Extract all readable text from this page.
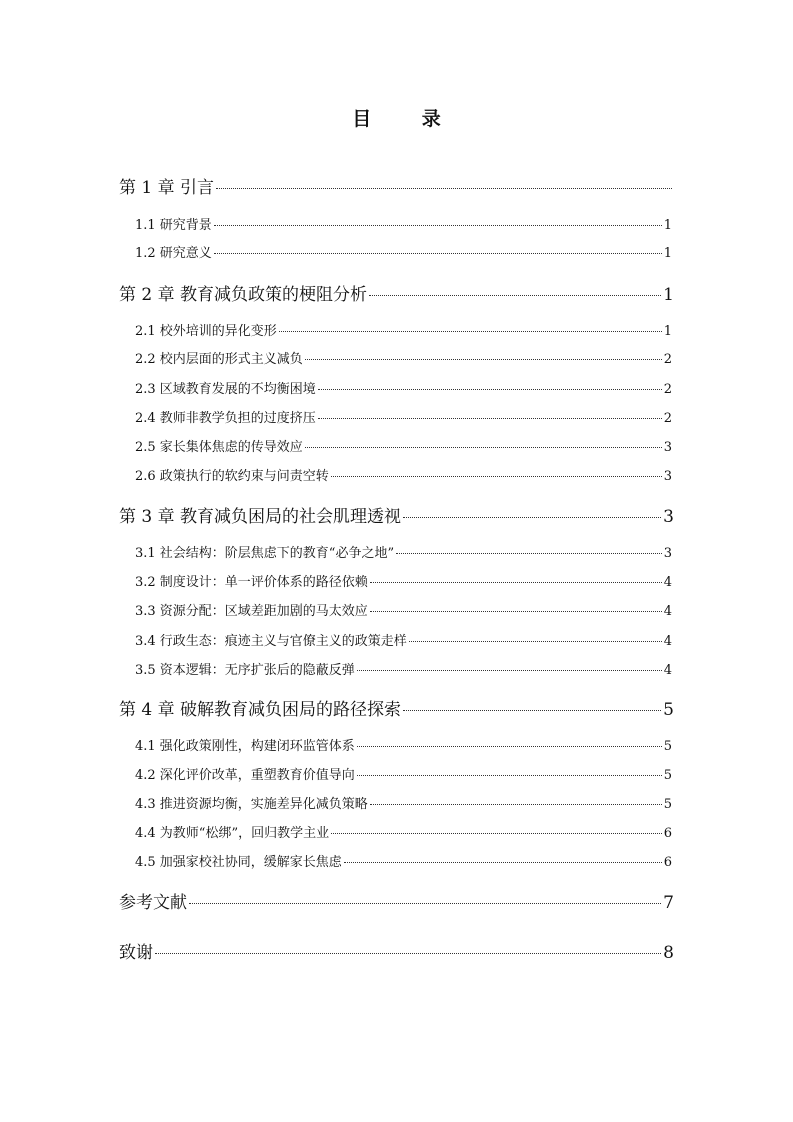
目 录
第 1 章 引言
1.1 研究背景	1
1.2 研究意义	1
第 2 章 教育减负政策的梗阻分析	1
2.1 校外培训的异化变形	1
2.2 校内层面的形式主义减负	2
2.3 区域教育发展的不均衡困境	2
2.4 教师非教学负担的过度挤压	2
2.5 家长集体焦虑的传导效应	3
2.6 政策执行的软约束与问责空转	3
第 3 章 教育减负困局的社会肌理透视	3
3.1 社会结构：阶层焦虑下的教育“必争之地”	3
3.2 制度设计：单一评价体系的路径依赖	4
3.3 资源分配：区域差距加剧的马太效应	4
3.4 行政生态：痕迹主义与官僚主义的政策走样	4
3.5 资本逻辑：无序扩张后的隐蔽反弹	4
第 4 章 破解教育减负困局的路径探索	5
4.1 强化政策刚性，构建闭环监管体系	5
4.2 深化评价改革，重塑教育价值导向	5
4.3 推进资源均衡，实施差异化减负策略	5
4.4 为教师“松绑”，回归教学主业	6
4.5 加强家校社协同，缓解家长焦虑	6
参考文献	7
致谢	8
